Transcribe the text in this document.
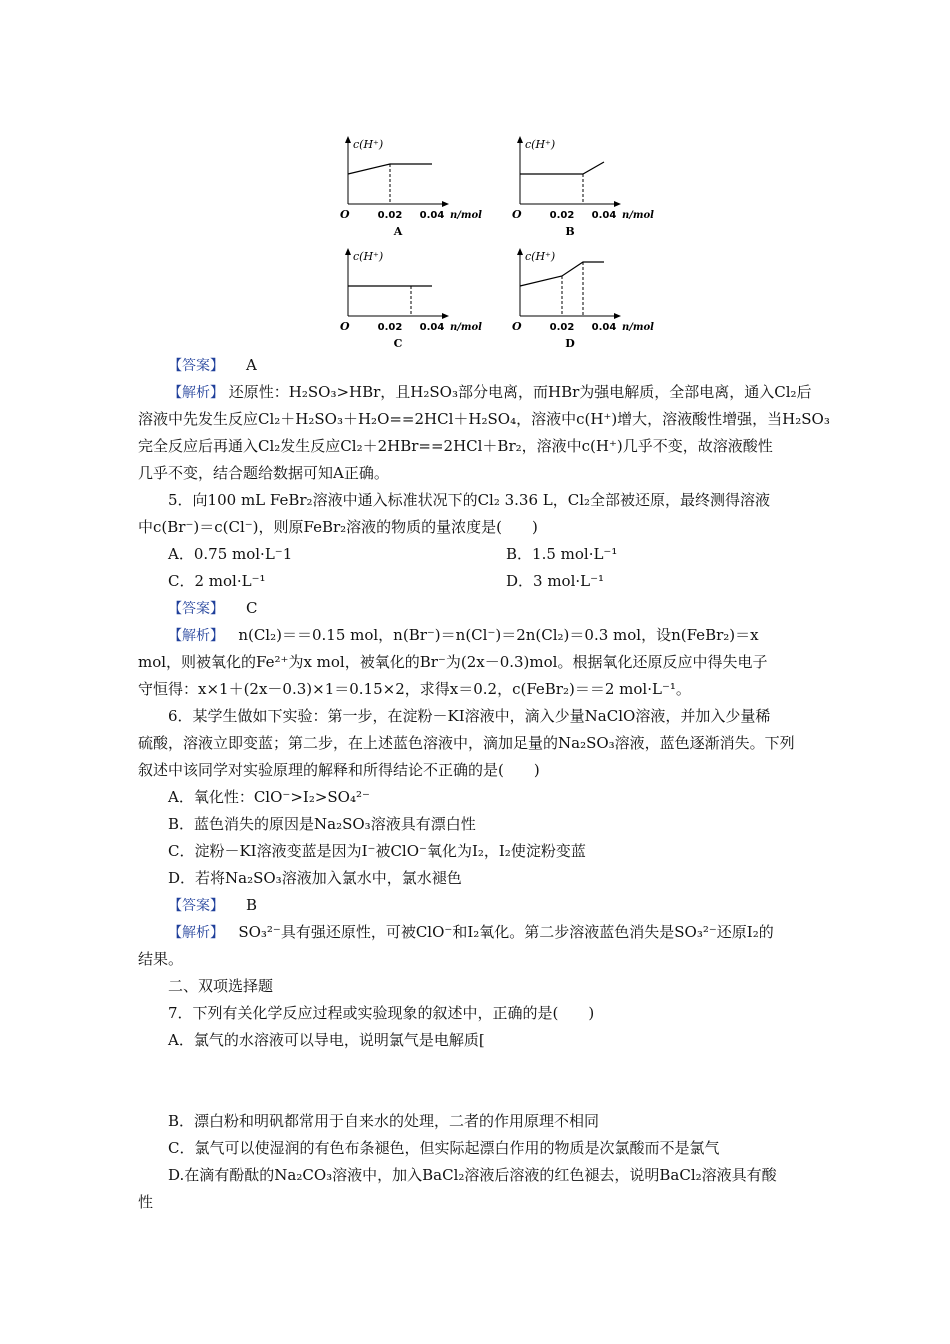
c(H⁺)
n/mol
O	0.02 0.04
A
c(H⁺)
n/mol
O	0.02 0.04
B
c(H⁺)
n/mol
O	0.02 0.04
C
c(H⁺)
n/mol
O	0.02 0.04
D
【答案】 A
【解析】 还原性：H₂SO₃>HBr，且H₂SO₃部分电离，而HBr为强电解质，全部电离，通入Cl₂后
溶液中先发生反应Cl₂＋H₂SO₃＋H₂O==2HCl＋H₂SO₄，溶液中c(H⁺)增大，溶液酸性增强，当H₂SO₃
完全反应后再通入Cl₂发生反应Cl₂＋2HBr==2HCl＋Br₂，溶液中c(H⁺)几乎不变，故溶液酸性
几乎不变，结合题给数据可知A正确。
5．向100 mL FeBr₂溶液中通入标准状况下的Cl₂ 3.36 L，Cl₂全部被还原，最终测得溶液
中c(Br⁻)＝c(Cl⁻)，则原FeBr₂溶液的物质的量浓度是(　　)
A．0.75 mol·L⁻1	B．1.5 mol·L⁻¹
C．2 mol·L⁻¹	D．3 mol·L⁻¹
【答案】 C
【解析】 n(Cl₂)＝＝0.15 mol，n(Br⁻)＝n(Cl⁻)＝2n(Cl₂)＝0.3 mol，设n(FeBr₂)＝x
mol，则被氧化的Fe²⁺为x mol，被氧化的Br⁻为(2x－0.3)mol。根据氧化还原反应中得失电子
守恒得：x×1＋(2x－0.3)×1＝0.15×2，求得x＝0.2，c(FeBr₂)＝＝2 mol·L⁻¹。
6．某学生做如下实验：第一步，在淀粉－KI溶液中，滴入少量NaClO溶液，并加入少量稀
硫酸，溶液立即变蓝；第二步，在上述蓝色溶液中，滴加足量的Na₂SO₃溶液，蓝色逐渐消失。下列
叙述中该同学对实验原理的解释和所得结论不正确的是(　　)
A．氧化性：ClO⁻>I₂>SO₄²⁻
B．蓝色消失的原因是Na₂SO₃溶液具有漂白性
C．淀粉－KI溶液变蓝是因为I⁻被ClO⁻氧化为I₂，I₂使淀粉变蓝
D．若将Na₂SO₃溶液加入氯水中，氯水褪色
【答案】 B
【解析】 SO₃²⁻具有强还原性，可被ClO⁻和I₂氧化。第二步溶液蓝色消失是SO₃²⁻还原I₂的
结果。
二、双项选择题
7．下列有关化学反应过程或实验现象的叙述中，正确的是(　　)
A．氯气的水溶液可以导电，说明氯气是电解质[
B．漂白粉和明矾都常用于自来水的处理，二者的作用原理不相同
C．氯气可以使湿润的有色布条褪色，但实际起漂白作用的物质是次氯酸而不是氯气
D.在滴有酚酞的Na₂CO₃溶液中，加入BaCl₂溶液后溶液的红色褪去，说明BaCl₂溶液具有酸
性
